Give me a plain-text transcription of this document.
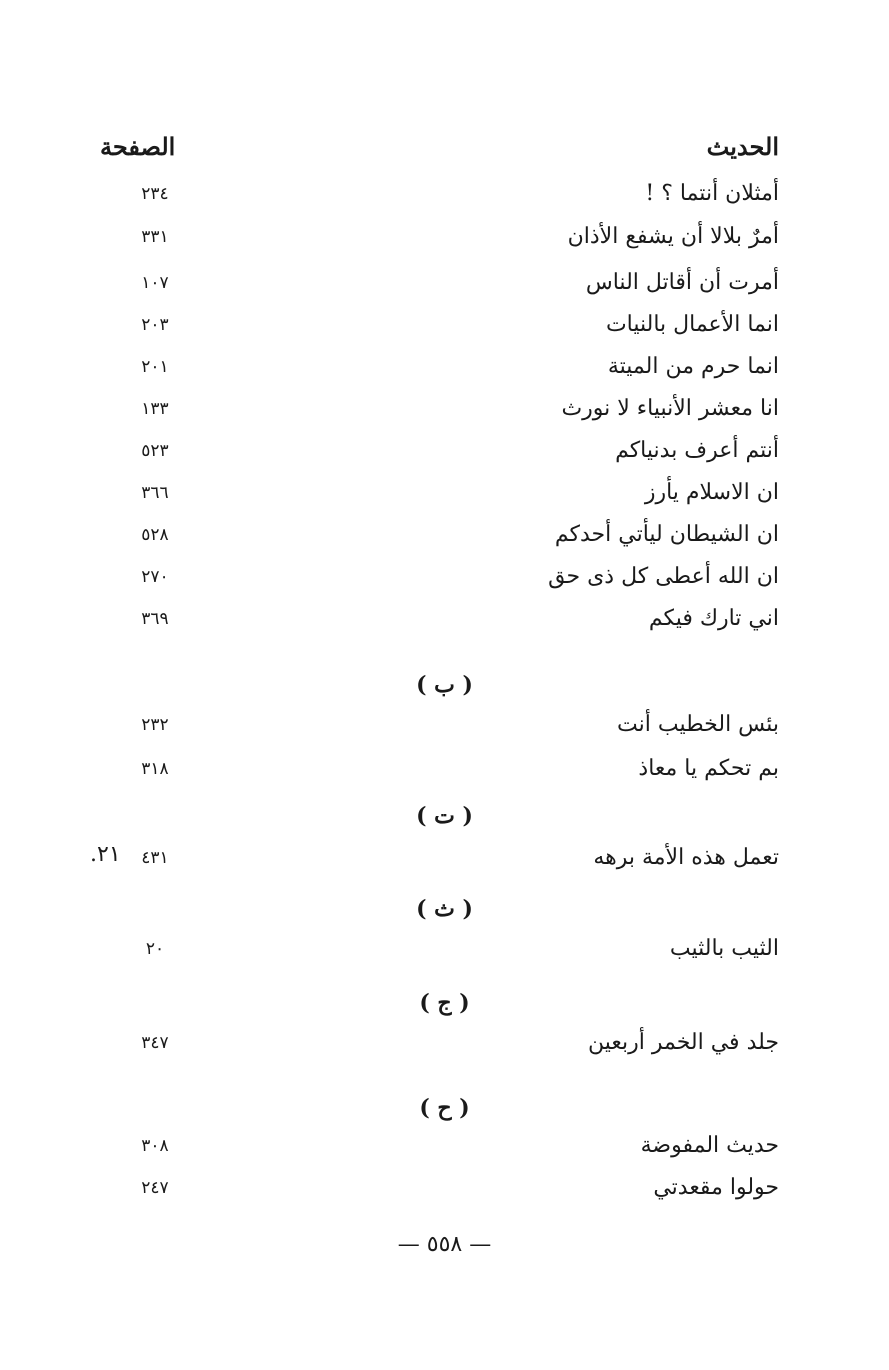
الحديث
الصفحة
أمثلان أنتما ؟ !
٢٣٤
أمرٌ بلالا أن يشفع الأذان
٣٣١
أمرت أن أقاتل الناس
١٠٧
انما الأعمال بالنيات
٢٠٣
انما حرم من الميتة
٢٠١
انا معشر الأنبياء لا نورث
١٣٣
أنتم أعرف بدنياكم
٥٢٣
ان الاسلام يأرز
٣٦٦
ان الشيطان ليأتي أحدكم
٥٢٨
ان الله أعطى كل ذى حق
٢٧٠
اني تارك فيكم
٣٦٩
( ب )
بئس الخطيب أنت
٢٣٢
بم تحكم يا معاذ
٣١٨
( ت )
تعمل هذه الأمة برهه
٤٣١
٢١.
( ث )
الثيب بالثيب
٢٠
( ج )
جلد في الخمر أربعين
٣٤٧
( ح )
حديث المفوضة
٣٠٨
حولوا مقعدتي
٢٤٧
— ٥٥٨ —
